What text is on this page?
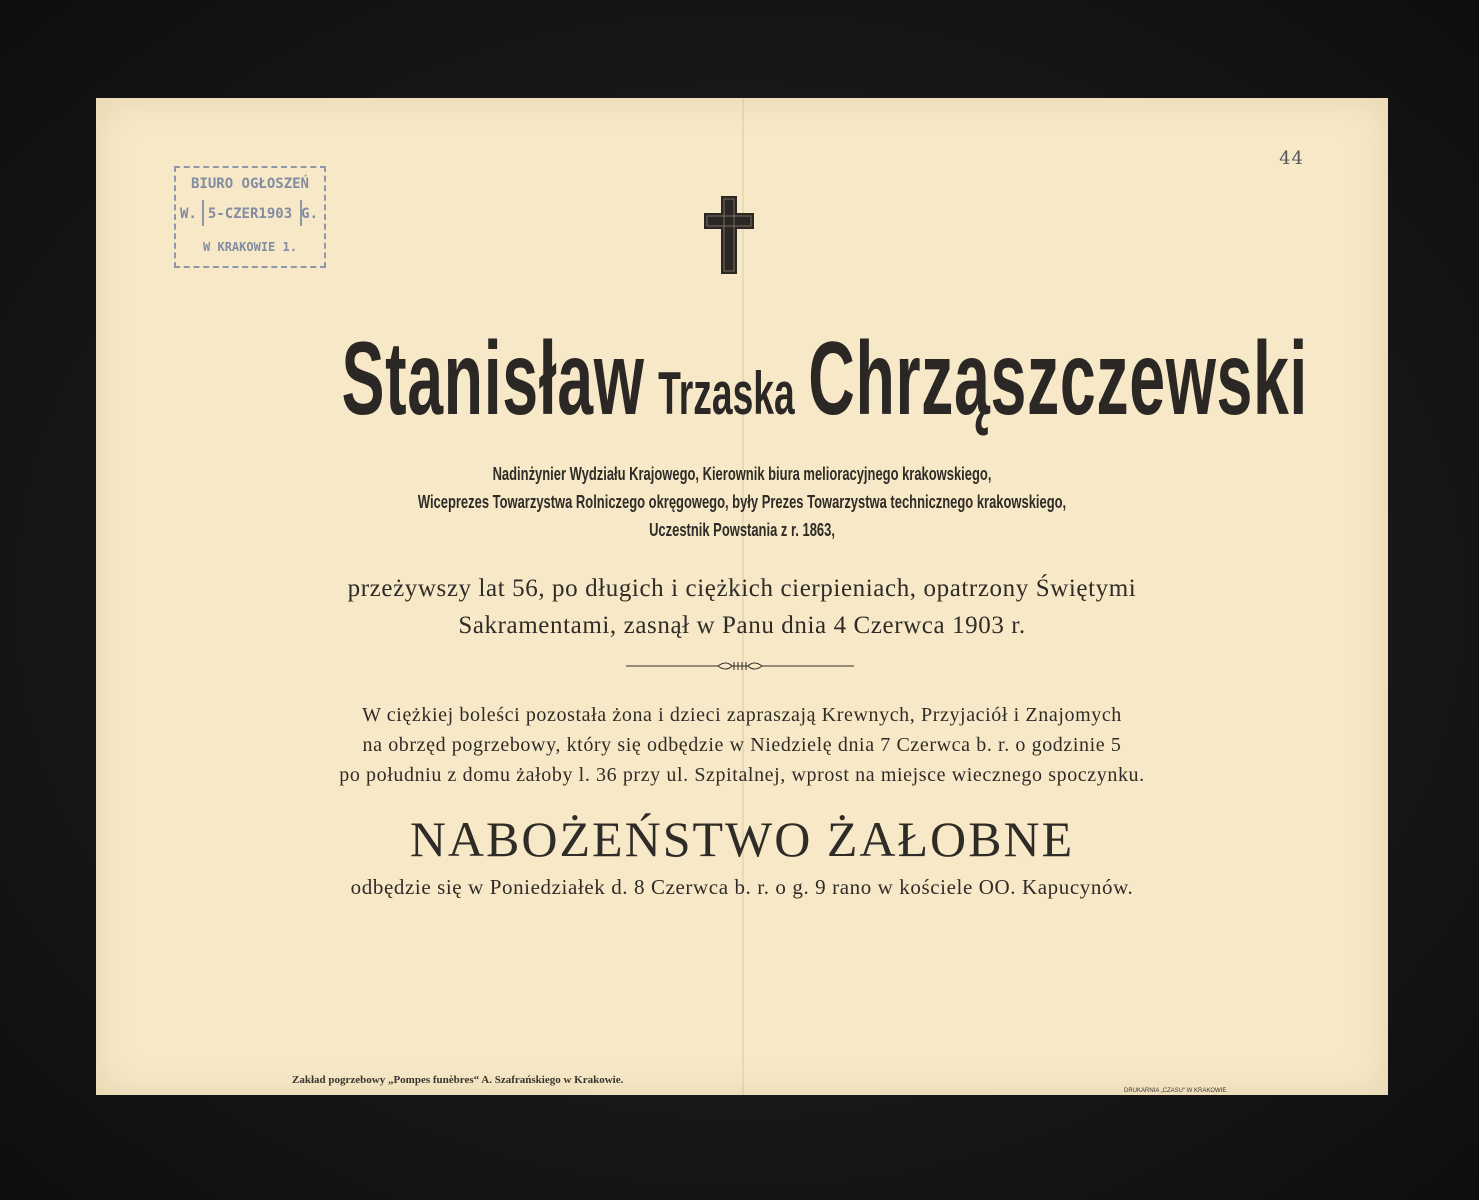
44
BIURO OGŁOSZEŃ
W. 5-CZER1903 G.
W KRAKOWIE 1.
Stanisław Trzaska Chrząszczewski
Nadinżynier Wydziału Krajowego, Kierownik biura melioracyjnego krakowskiego,
Wiceprezes Towarzystwa Rolniczego okręgowego, były Prezes Towarzystwa technicznego krakowskiego,
Uczestnik Powstania z r. 1863,
przeżywszy lat 56, po długich i ciężkich cierpieniach, opatrzony Świętymi
Sakramentami, zasnął w Panu dnia 4 Czerwca 1903 r.
W ciężkiej boleści pozostała żona i dzieci zapraszają Krewnych, Przyjaciół i Znajomych
na obrzęd pogrzebowy, który się odbędzie w Niedzielę dnia 7 Czerwca b. r. o godzinie 5
po południu z domu żałoby l. 36 przy ul. Szpitalnej, wprost na miejsce wiecznego spoczynku.
NABOŻEŃSTWO ŻAŁOBNE
odbędzie się w Poniedziałek d. 8 Czerwca b. r. o g. 9 rano w kościele OO. Kapucynów.
Zakład pogrzebowy „Pompes funèbres“ A. Szafrańskiego w Krakowie.
DRUKARNIA „CZASU“ W KRAKOWIE.
